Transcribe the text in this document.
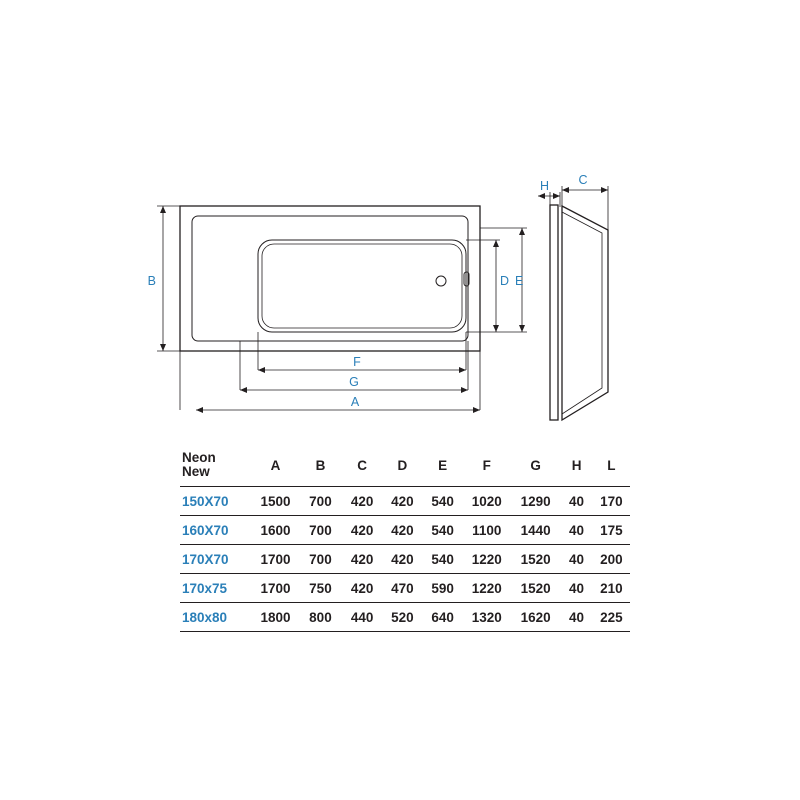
B	D E
F
G
A
H C
Neon
New	A	B	C	D	E	F	G	H	L
150X70	1500	700	420	420	540	1020	1290	40	170
160X70	1600	700	420	420	540	1100	1440	40	175
170X70	1700	700	420	420	540	1220	1520	40	200
170x75	1700	750	420	470	590	1220	1520	40	210
180x80	1800	800	440	520	640	1320	1620	40	225
